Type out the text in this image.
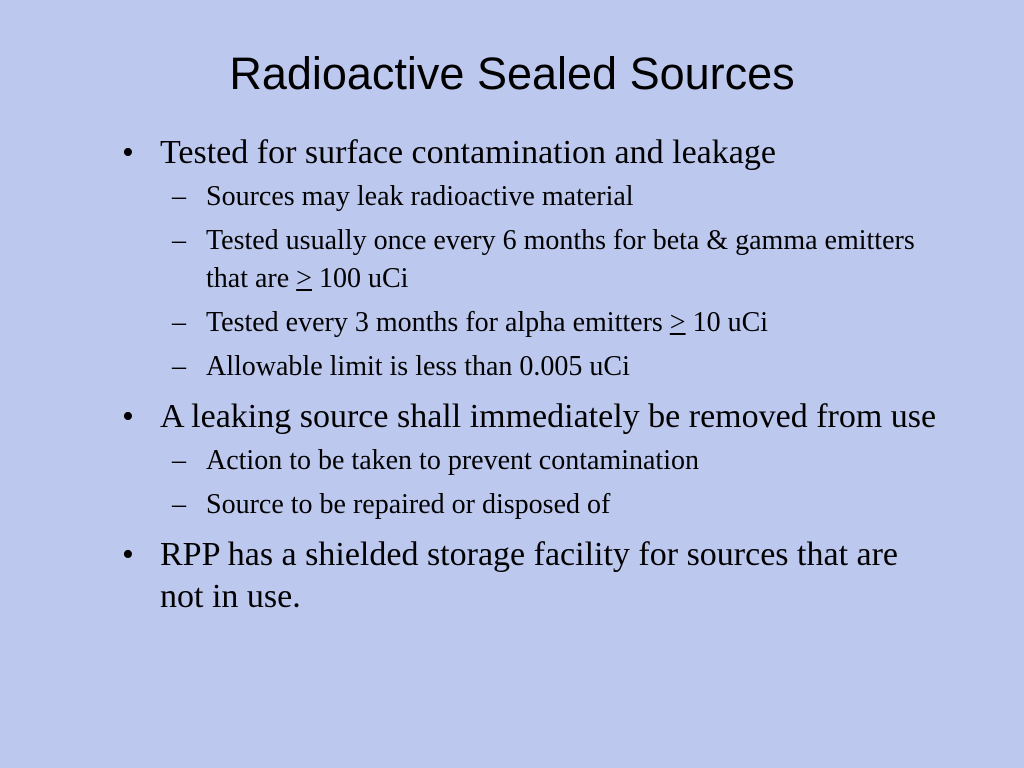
Radioactive Sealed Sources
• Tested for surface contamination and leakage
– Sources may leak radioactive material
– Tested usually once every 6 months for beta & gamma emitters that are ≥ 100 uCi
– Tested every 3 months for alpha emitters ≥ 10 uCi
– Allowable limit is less than 0.005 uCi
• A leaking source shall immediately be removed from use
– Action to be taken to prevent contamination
– Source to be repaired or disposed of
• RPP has a shielded storage facility for sources that are not in use.
